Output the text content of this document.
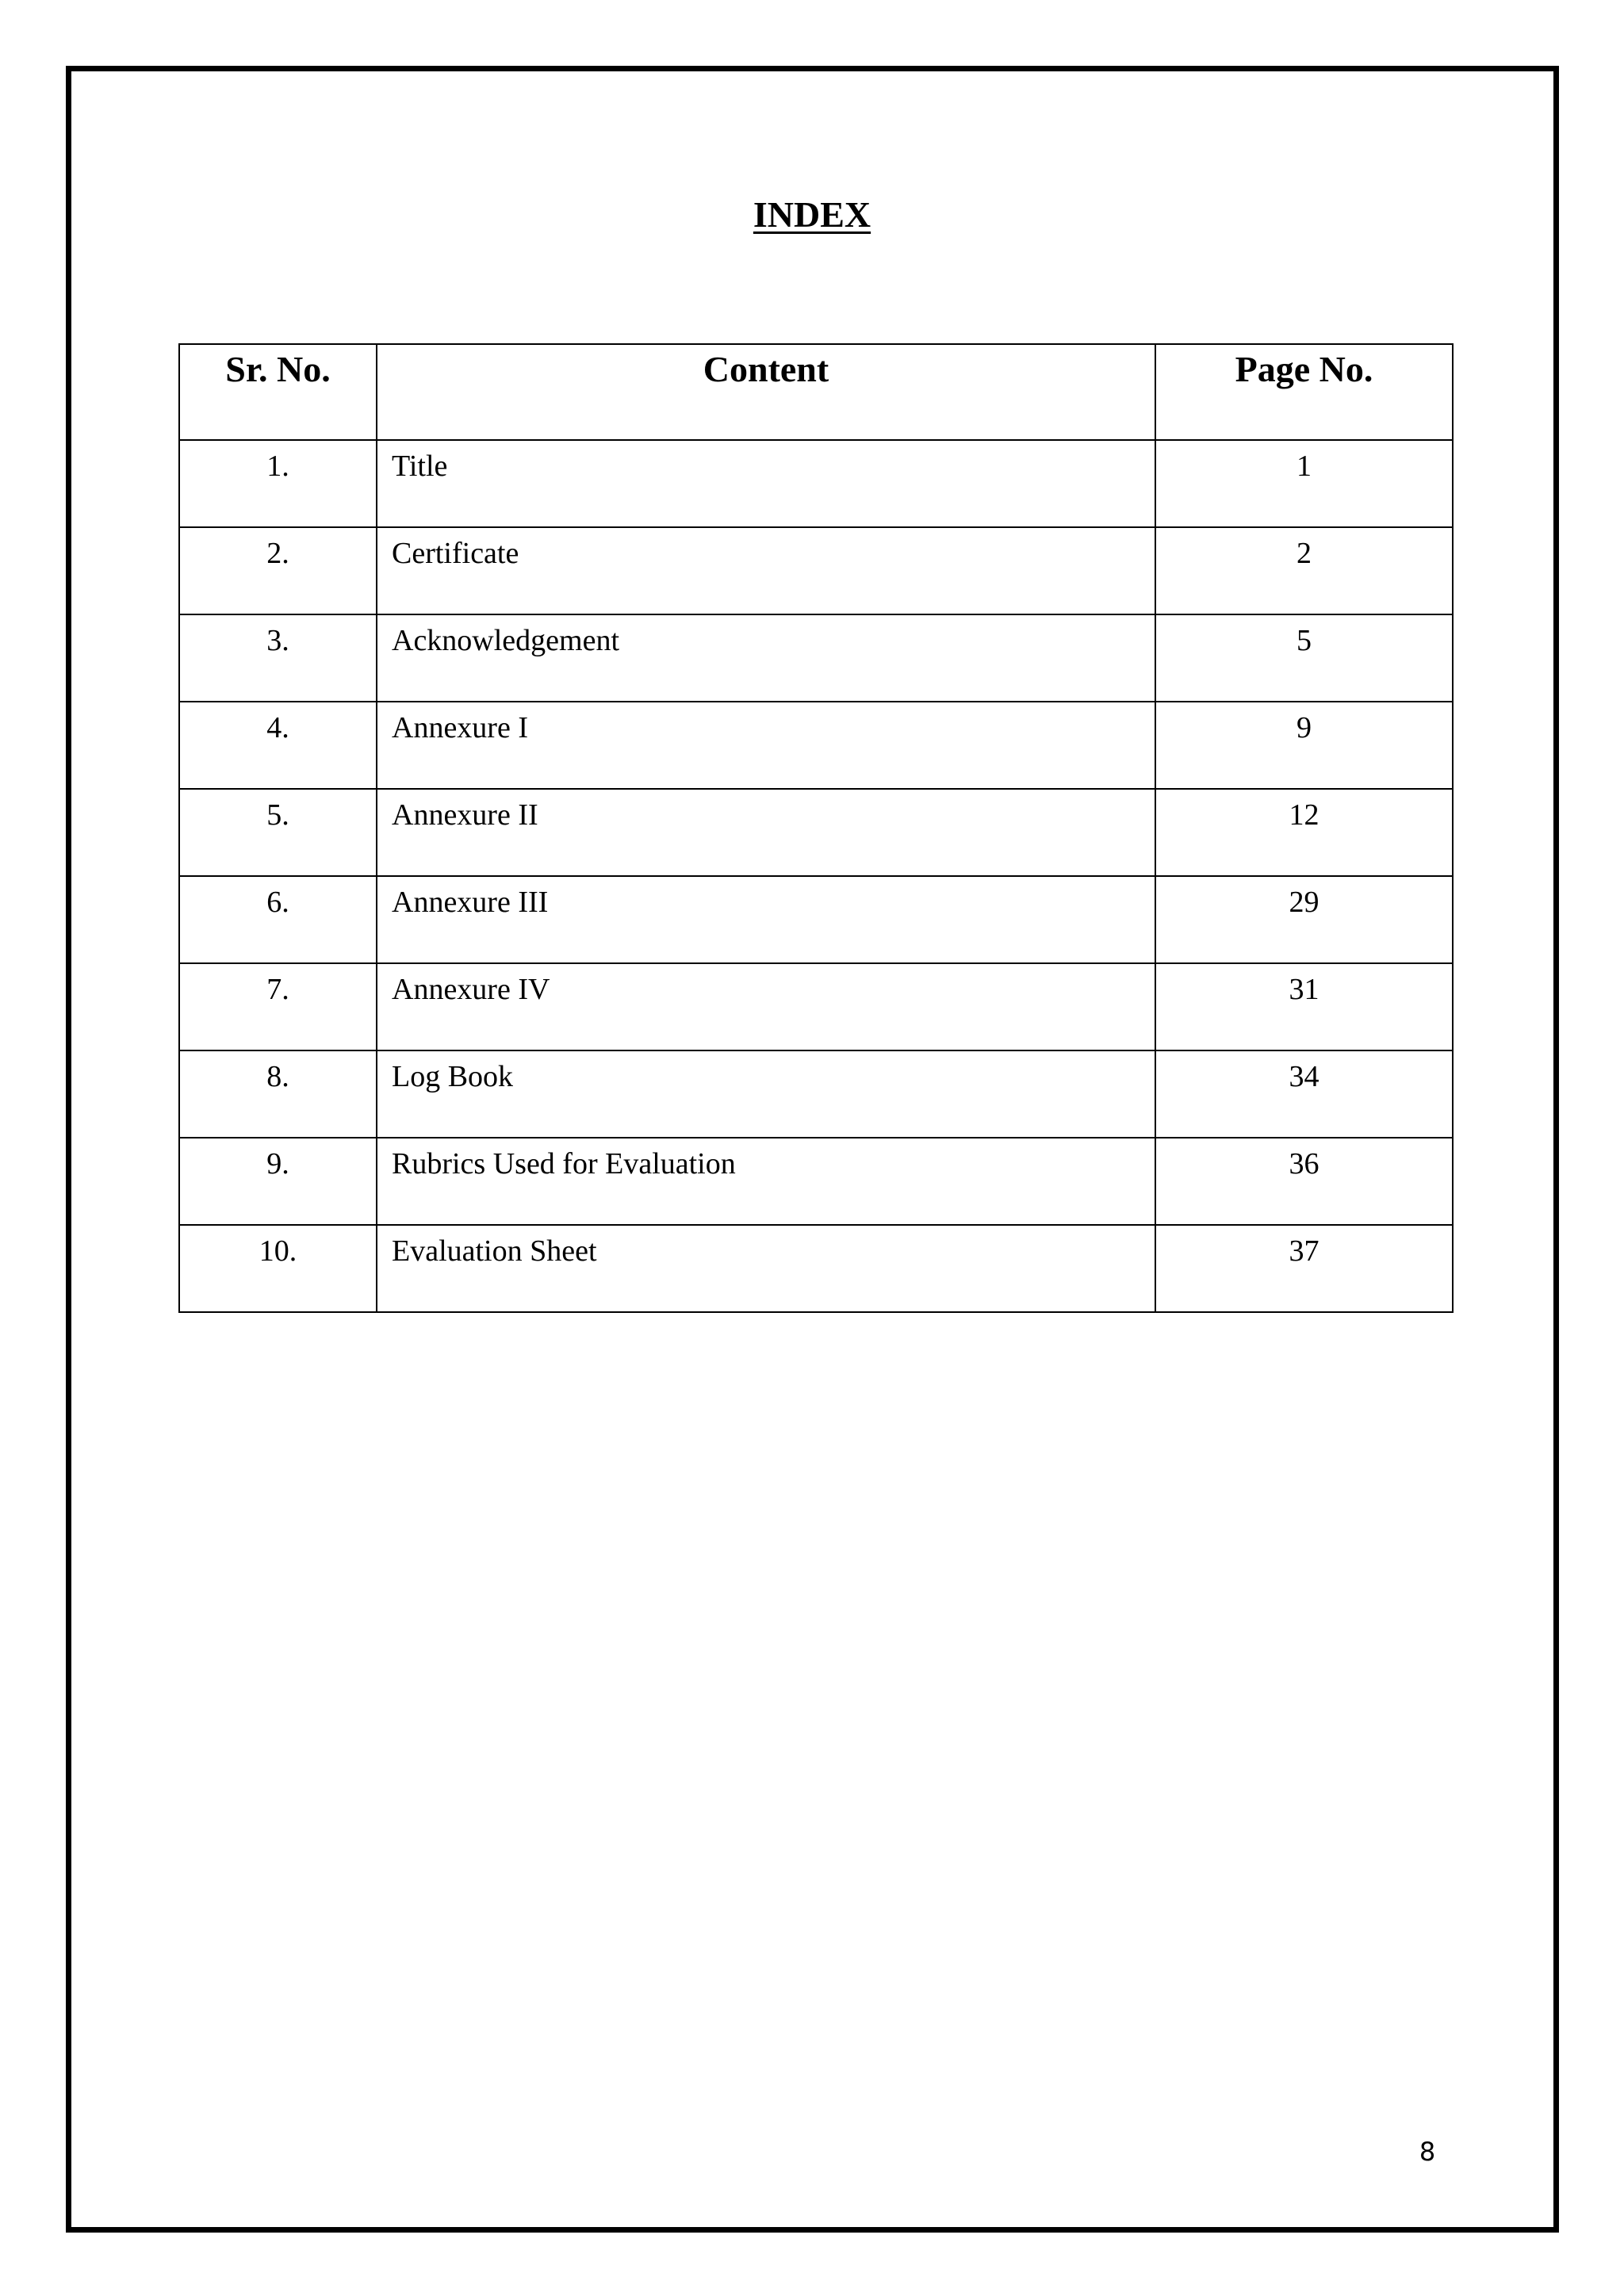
INDEX
Sr. No.	Content	Page No.
1.	Title	1
2.	Certificate	2
3.	Acknowledgement	5
4.	Annexure I	9
5.	Annexure II	12
6.	Annexure III	29
7.	Annexure IV	31
8.	Log Book	34
9.	Rubrics Used for Evaluation	36
10.	Evaluation Sheet	37
8
